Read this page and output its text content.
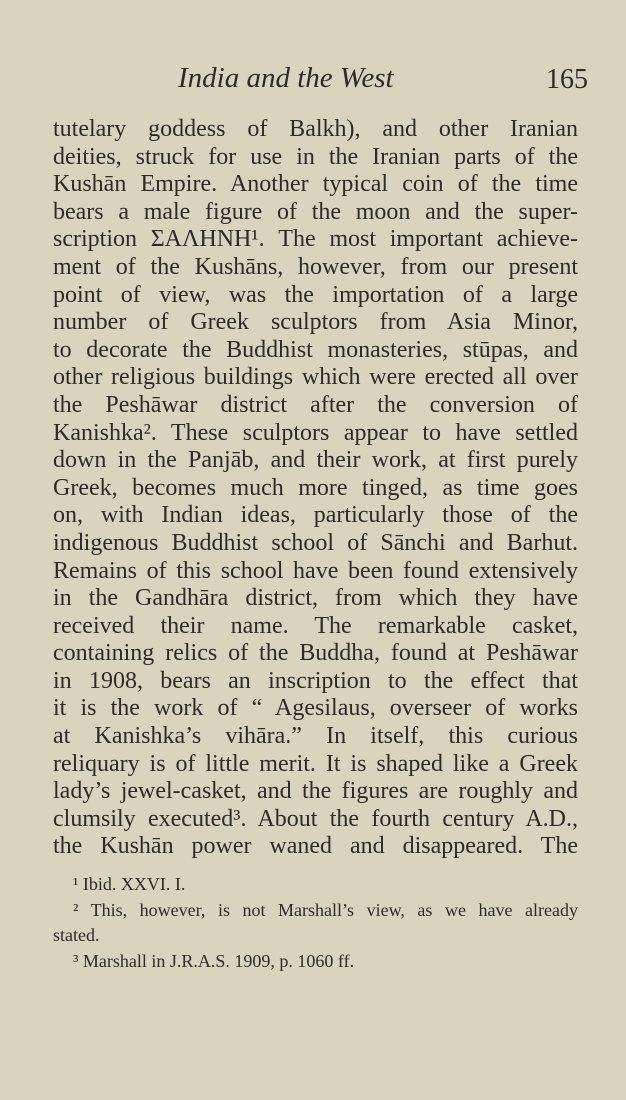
India and the West	165
tutelary goddess of Balkh), and other Iranian
deities, struck for use in the Iranian parts of the
Kushān Empire. Another typical coin of the time
bears a male figure of the moon and the super-
scription ΣΑΛΗΝΗ¹. The most important achieve-
ment of the Kushāns, however, from our present
point of view, was the importation of a large
number of Greek sculptors from Asia Minor,
to decorate the Buddhist monasteries, stūpas, and
other religious buildings which were erected all over
the Peshāwar district after the conversion of
Kanishka². These sculptors appear to have settled
down in the Panjāb, and their work, at first purely
Greek, becomes much more tinged, as time goes
on, with Indian ideas, particularly those of the
indigenous Buddhist school of Sānchi and Barhut.
Remains of this school have been found extensively
in the Gandhāra district, from which they have
received their name. The remarkable casket,
containing relics of the Buddha, found at Peshāwar
in 1908, bears an inscription to the effect that
it is the work of “ Agesilaus, overseer of works
at Kanishka’s vihāra.” In itself, this curious
reliquary is of little merit. It is shaped like a Greek
lady’s jewel-casket, and the figures are roughly and
clumsily executed³. About the fourth century A.D.,
the Kushān power waned and disappeared. The
¹ Ibid. XXVI. I.
² This, however, is not Marshall’s view, as we have already
stated.
³ Marshall in J.R.A.S. 1909, p. 1060 ff.
